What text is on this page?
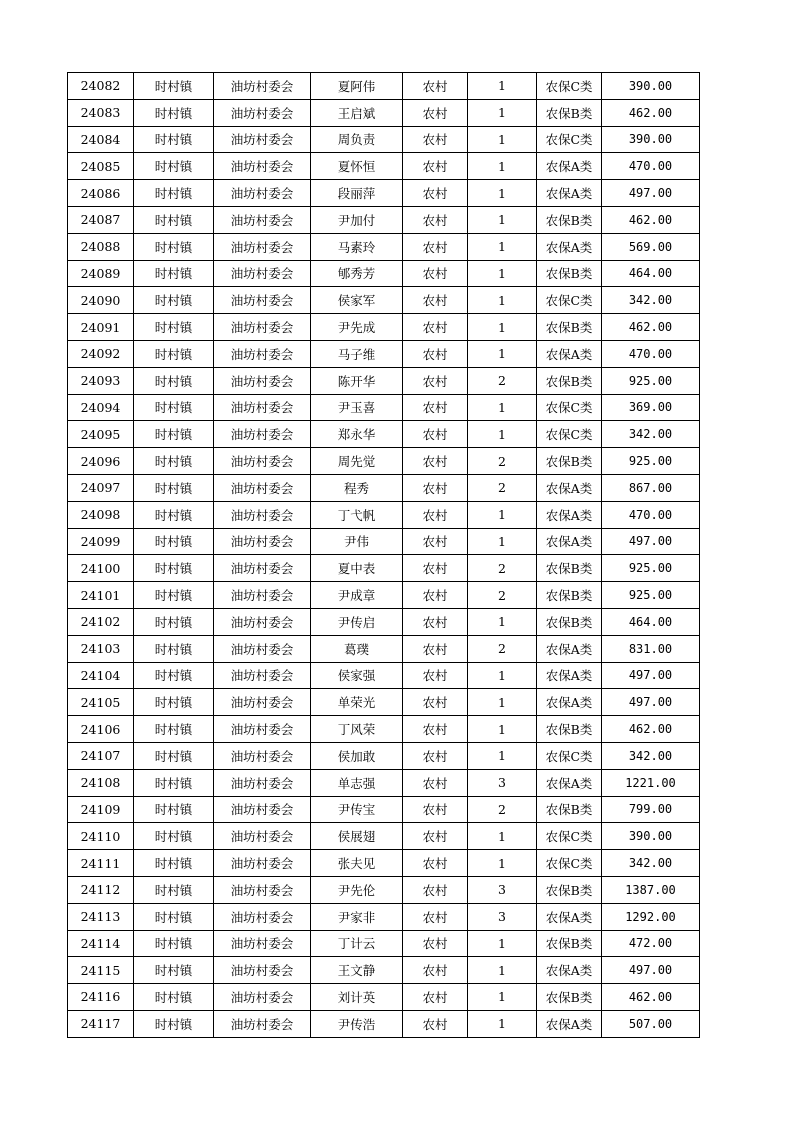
24082	时村镇	油坊村委会	夏阿伟	农村	1	农保C类	390.00
24083	时村镇	油坊村委会	王启斌	农村	1	农保B类	462.00
24084	时村镇	油坊村委会	周负责	农村	1	农保C类	390.00
24085	时村镇	油坊村委会	夏怀恒	农村	1	农保A类	470.00
24086	时村镇	油坊村委会	段丽萍	农村	1	农保A类	497.00
24087	时村镇	油坊村委会	尹加付	农村	1	农保B类	462.00
24088	时村镇	油坊村委会	马素玲	农村	1	农保A类	569.00
24089	时村镇	油坊村委会	郇秀芳	农村	1	农保B类	464.00
24090	时村镇	油坊村委会	侯家军	农村	1	农保C类	342.00
24091	时村镇	油坊村委会	尹先成	农村	1	农保B类	462.00
24092	时村镇	油坊村委会	马子维	农村	1	农保A类	470.00
24093	时村镇	油坊村委会	陈开华	农村	2	农保B类	925.00
24094	时村镇	油坊村委会	尹玉喜	农村	1	农保C类	369.00
24095	时村镇	油坊村委会	郑永华	农村	1	农保C类	342.00
24096	时村镇	油坊村委会	周先觉	农村	2	农保B类	925.00
24097	时村镇	油坊村委会	程秀	农村	2	农保A类	867.00
24098	时村镇	油坊村委会	丁弋帆	农村	1	农保A类	470.00
24099	时村镇	油坊村委会	尹伟	农村	1	农保A类	497.00
24100	时村镇	油坊村委会	夏中表	农村	2	农保B类	925.00
24101	时村镇	油坊村委会	尹成章	农村	2	农保B类	925.00
24102	时村镇	油坊村委会	尹传启	农村	1	农保B类	464.00
24103	时村镇	油坊村委会	葛璞	农村	2	农保A类	831.00
24104	时村镇	油坊村委会	侯家强	农村	1	农保A类	497.00
24105	时村镇	油坊村委会	单荣光	农村	1	农保A类	497.00
24106	时村镇	油坊村委会	丁风荣	农村	1	农保B类	462.00
24107	时村镇	油坊村委会	侯加敢	农村	1	农保C类	342.00
24108	时村镇	油坊村委会	单志强	农村	3	农保A类	1221.00
24109	时村镇	油坊村委会	尹传宝	农村	2	农保B类	799.00
24110	时村镇	油坊村委会	侯展翅	农村	1	农保C类	390.00
24111	时村镇	油坊村委会	张夫见	农村	1	农保C类	342.00
24112	时村镇	油坊村委会	尹先伦	农村	3	农保B类	1387.00
24113	时村镇	油坊村委会	尹家非	农村	3	农保A类	1292.00
24114	时村镇	油坊村委会	丁计云	农村	1	农保B类	472.00
24115	时村镇	油坊村委会	王文静	农村	1	农保A类	497.00
24116	时村镇	油坊村委会	刘计英	农村	1	农保B类	462.00
24117	时村镇	油坊村委会	尹传浩	农村	1	农保A类	507.00
